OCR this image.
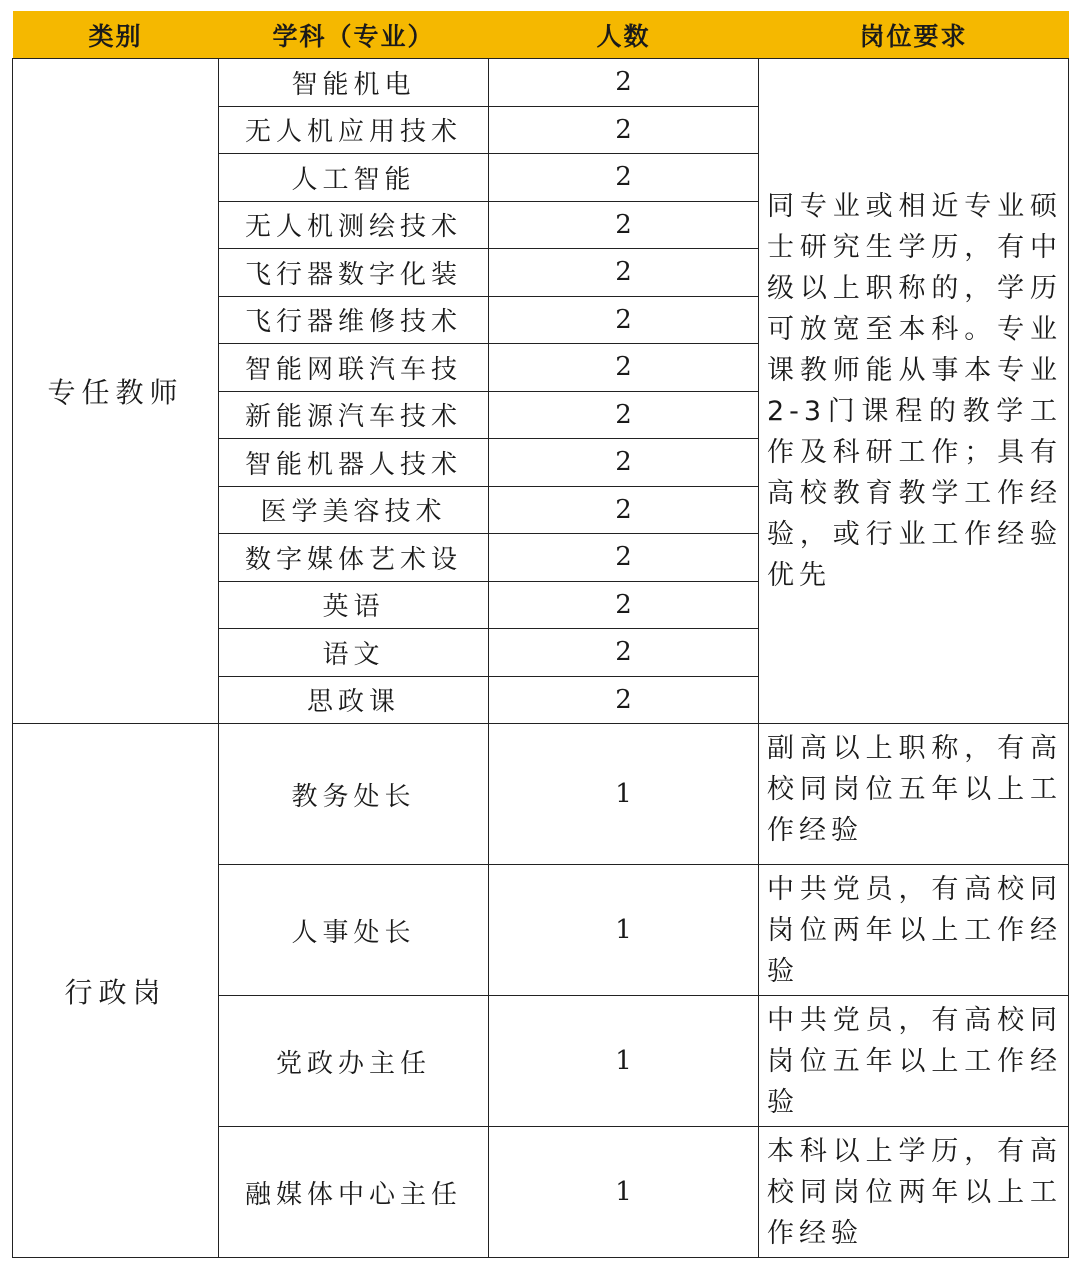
类别	学科（专业）	人数	岗位要求
专任教师	智能机电	2	同专业或相近专业硕士研究生学历，有中级以上职称的，学历可放宽至本科。专业课教师能从事本专业2-3门课程的教学工作及科研工作；具有高校教育教学工作经验，或行业工作经验优先
	无人机应用技术	2	
	人工智能	2	
	无人机测绘技术	2	
	飞行器数字化装	2	
	飞行器维修技术	2	
	智能网联汽车技	2	
	新能源汽车技术	2	
	智能机器人技术	2	
	医学美容技术	2	
	数字媒体艺术设	2	
	英语	2	
	语文	2	
	思政课	2	
行政岗	教务处长	1	副高以上职称，有高校同岗位五年以上工作经验
	人事处长	1	中共党员，有高校同岗位两年以上工作经验
	党政办主任	1	中共党员，有高校同岗位五年以上工作经验
	融媒体中心主任	1	本科以上学历，有高校同岗位两年以上工作经验
